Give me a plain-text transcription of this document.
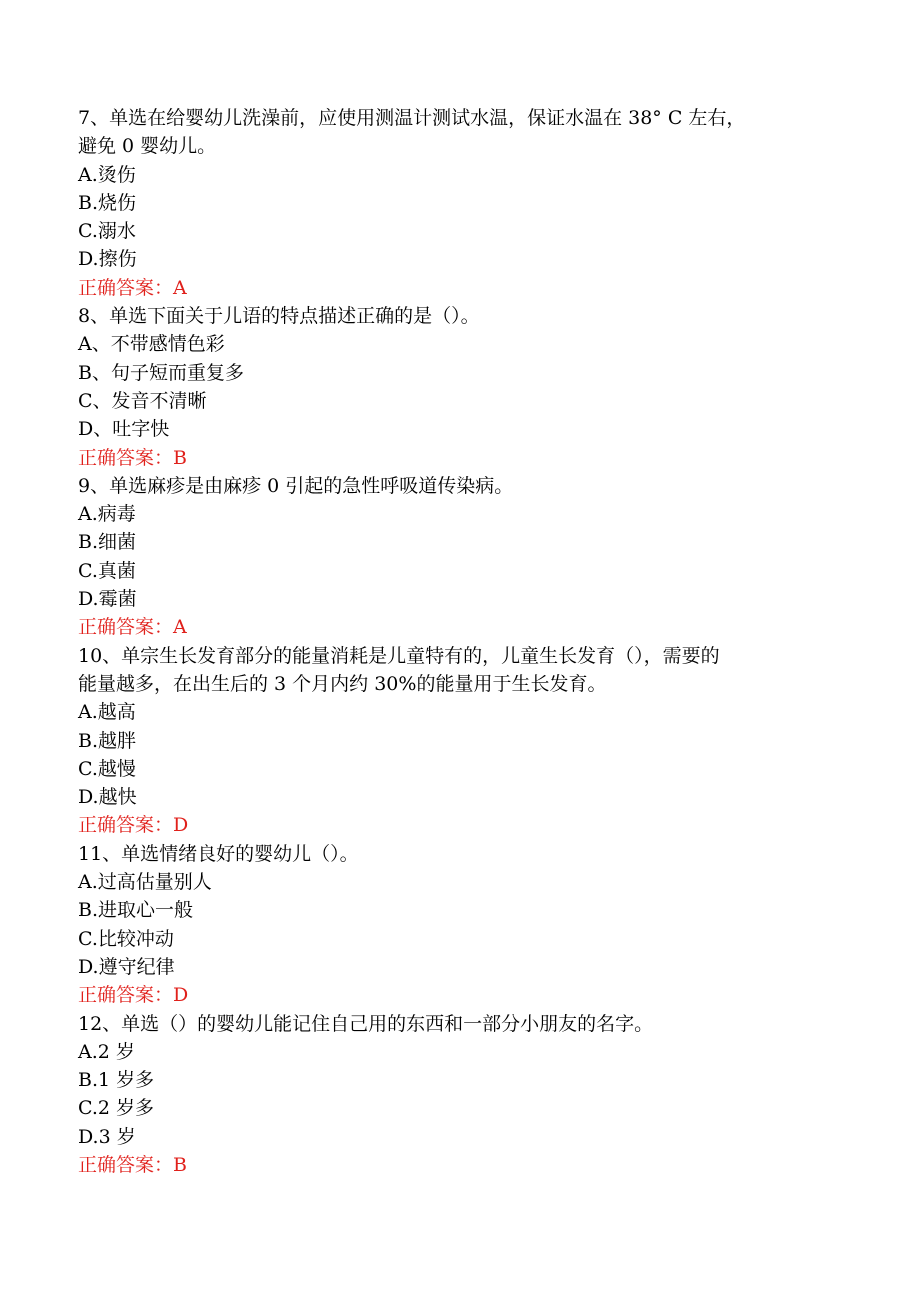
7、单选在给婴幼儿洗澡前，应使用测温计测试水温，保证水温在 38° C 左右，
避免 0 婴幼儿。
A.烫伤
B.烧伤
C.溺水
D.擦伤
正确答案：A
8、单选下面关于儿语的特点描述正确的是（）。
A、不带感情色彩
B、句子短而重复多
C、发音不清晰
D、吐字快
正确答案：B
9、单选麻疹是由麻疹 0 引起的急性呼吸道传染病。
A.病毒
B.细菌
C.真菌
D.霉菌
正确答案：A
10、单宗生长发育部分的能量消耗是儿童特有的，儿童生长发育（），需要的
能量越多，在出生后的 3 个月内约 30%的能量用于生长发育。
A.越高
B.越胖
C.越慢
D.越快
正确答案：D
11、单选情绪良好的婴幼儿（）。
A.过高估量别人
B.进取心一般
C.比较冲动
D.遵守纪律
正确答案：D
12、单选（）的婴幼儿能记住自己用的东西和一部分小朋友的名字。
A.2 岁
B.1 岁多
C.2 岁多
D.3 岁
正确答案：B
